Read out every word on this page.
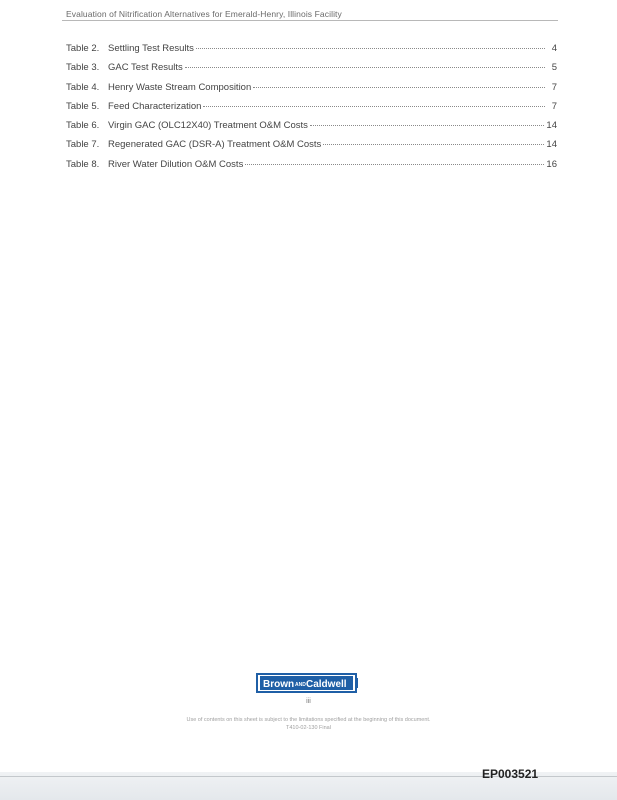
Evaluation of Nitrification Alternatives for Emerald-Henry, Illinois Facility
Table 2. Settling Test Results	4
Table 3. GAC Test Results	5
Table 4. Henry Waste Stream Composition	7
Table 5. Feed Characterization	7
Table 6. Virgin GAC (OLC12X40) Treatment O&M Costs	14
Table 7. Regenerated GAC (DSR-A) Treatment O&M Costs	14
Table 8. River Water Dilution O&M Costs	16
Brown AND Caldwell
iii
Use of contents on this sheet is subject to the limitations specified at the beginning of this document.
T410-02-130 Final
EP003521
